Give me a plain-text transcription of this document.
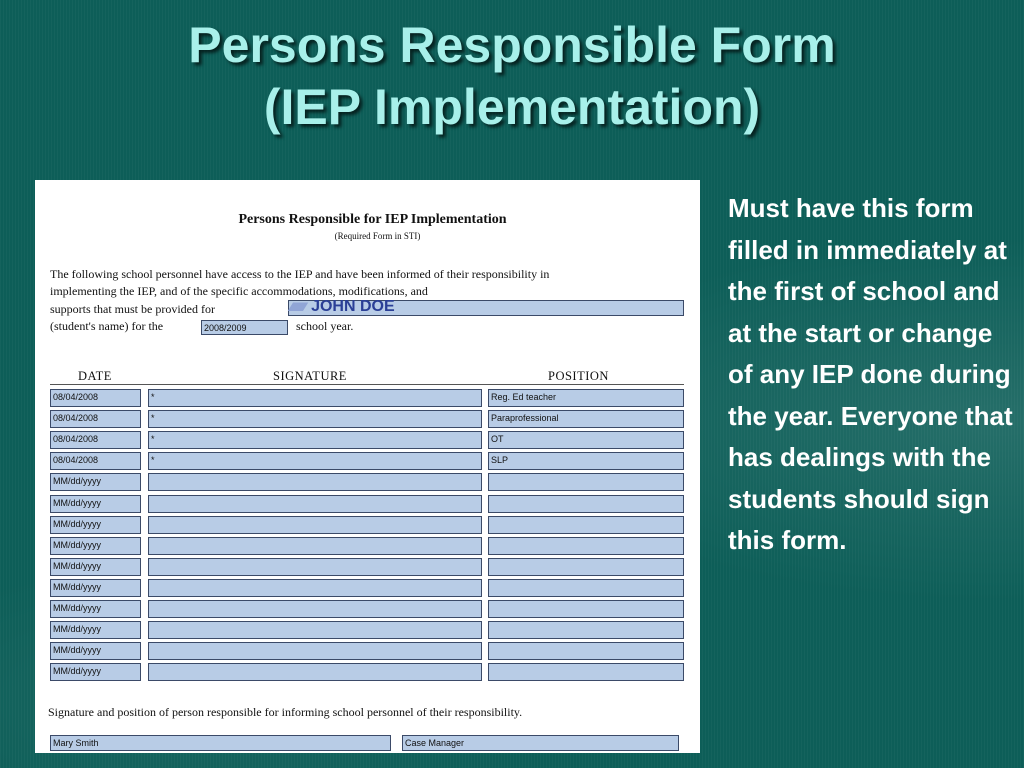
Persons Responsible Form
(IEP Implementation)
Persons Responsible for IEP Implementation
(Required Form in STI)
The following school personnel have access to the IEP and have been informed of their responsibility in
implementing the IEP, and of the specific accommodations, modifications, and
supports that must be provided for
(student's name) for the	school year.
⁄⁄⁄⁄⁄⁄⁄⁄⁄⁄⁄⁄⁄⁄⁄ JOHN DOE
2008/2009
DATE	SIGNATURE	POSITION
08/04/2008	*	Reg. Ed teacher
08/04/2008	*	Paraprofessional
08/04/2008	*	OT
08/04/2008	*	SLP
MM/dd/yyyy
MM/dd/yyyy
MM/dd/yyyy
MM/dd/yyyy
MM/dd/yyyy
MM/dd/yyyy
MM/dd/yyyy
MM/dd/yyyy
MM/dd/yyyy
MM/dd/yyyy
Signature and position of person responsible for informing school personnel of their responsibility.
Mary Smith	Case Manager
Must have this form filled in immediately at the first of school and at the start or change of any IEP done during the year. Everyone that has dealings with the students should sign this form.
